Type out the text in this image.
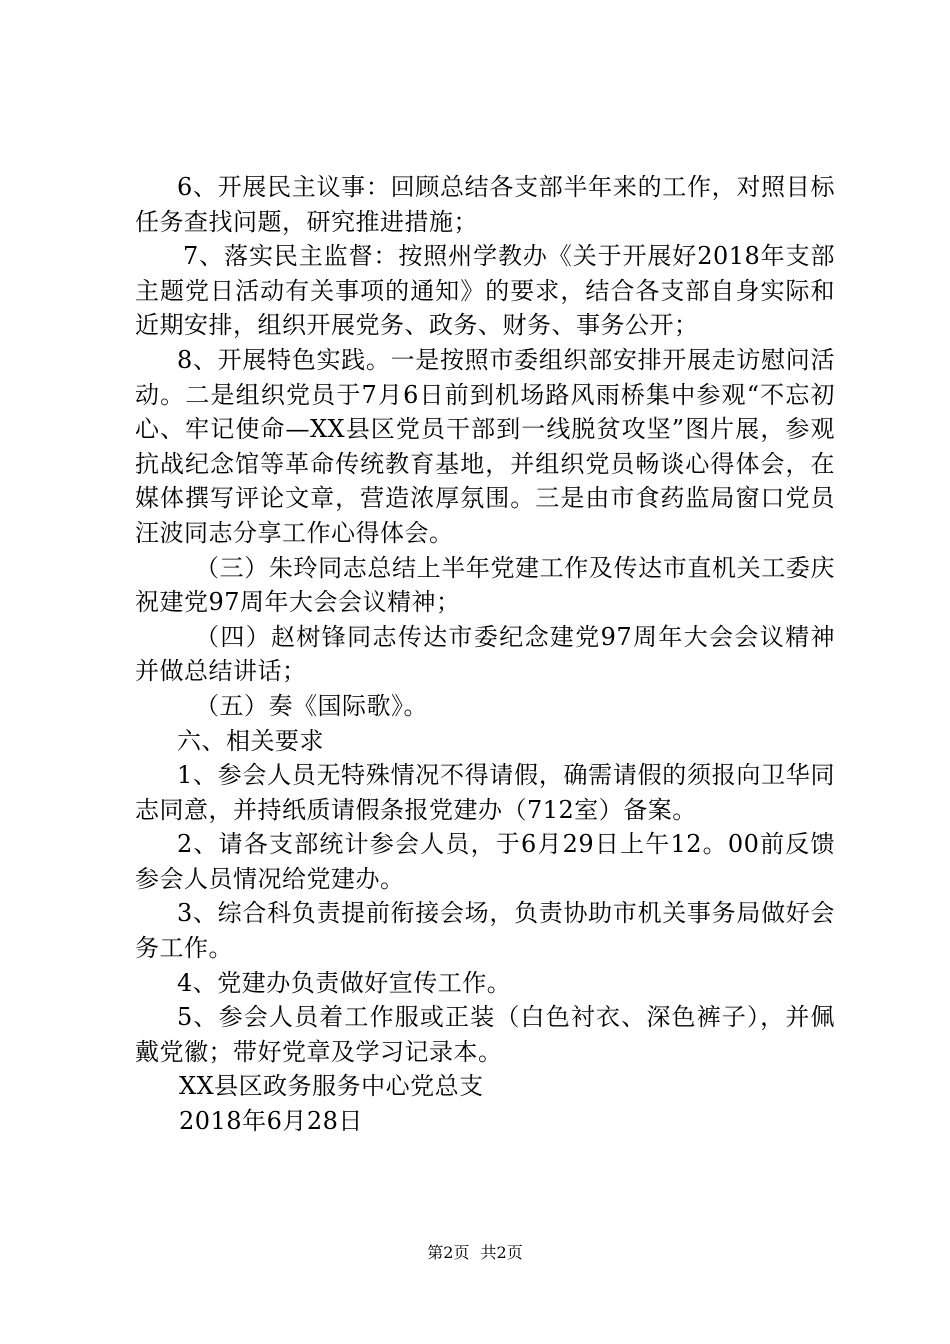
6、开展民主议事：回顾总结各支部半年来的工作，对照目标任务查找问题，研究推进措施；

7、落实民主监督：按照州学教办《关于开展好2018年支部主题党日活动有关事项的通知》的要求，结合各支部自身实际和近期安排，组织开展党务、政务、财务、事务公开；

8、开展特色实践。一是按照市委组织部安排开展走访慰问活动。二是组织党员于7月6日前到机场路风雨桥集中参观“不忘初心、牢记使命—XX县区党员干部到一线脱贫攻坚”图片展，参观抗战纪念馆等革命传统教育基地，并组织党员畅谈心得体会，在媒体撰写评论文章，营造浓厚氛围。三是由市食药监局窗口党员汪波同志分享工作心得体会。

（三）朱玲同志总结上半年党建工作及传达市直机关工委庆祝建党97周年大会会议精神；

（四）赵树锋同志传达市委纪念建党97周年大会会议精神并做总结讲话；

（五）奏《国际歌》。

六、相关要求

1、参会人员无特殊情况不得请假，确需请假的须报向卫华同志同意，并持纸质请假条报党建办（712室）备案。

2、请各支部统计参会人员，于6月29日上午12。00前反馈参会人员情况给党建办。

3、综合科负责提前衔接会场，负责协助市机关事务局做好会务工作。

4、党建办负责做好宣传工作。

5、参会人员着工作服或正装（白色衬衣、深色裤子），并佩戴党徽；带好党章及学习记录本。

XX县区政务服务中心党总支

2018年6月28日

第2页 共2页
